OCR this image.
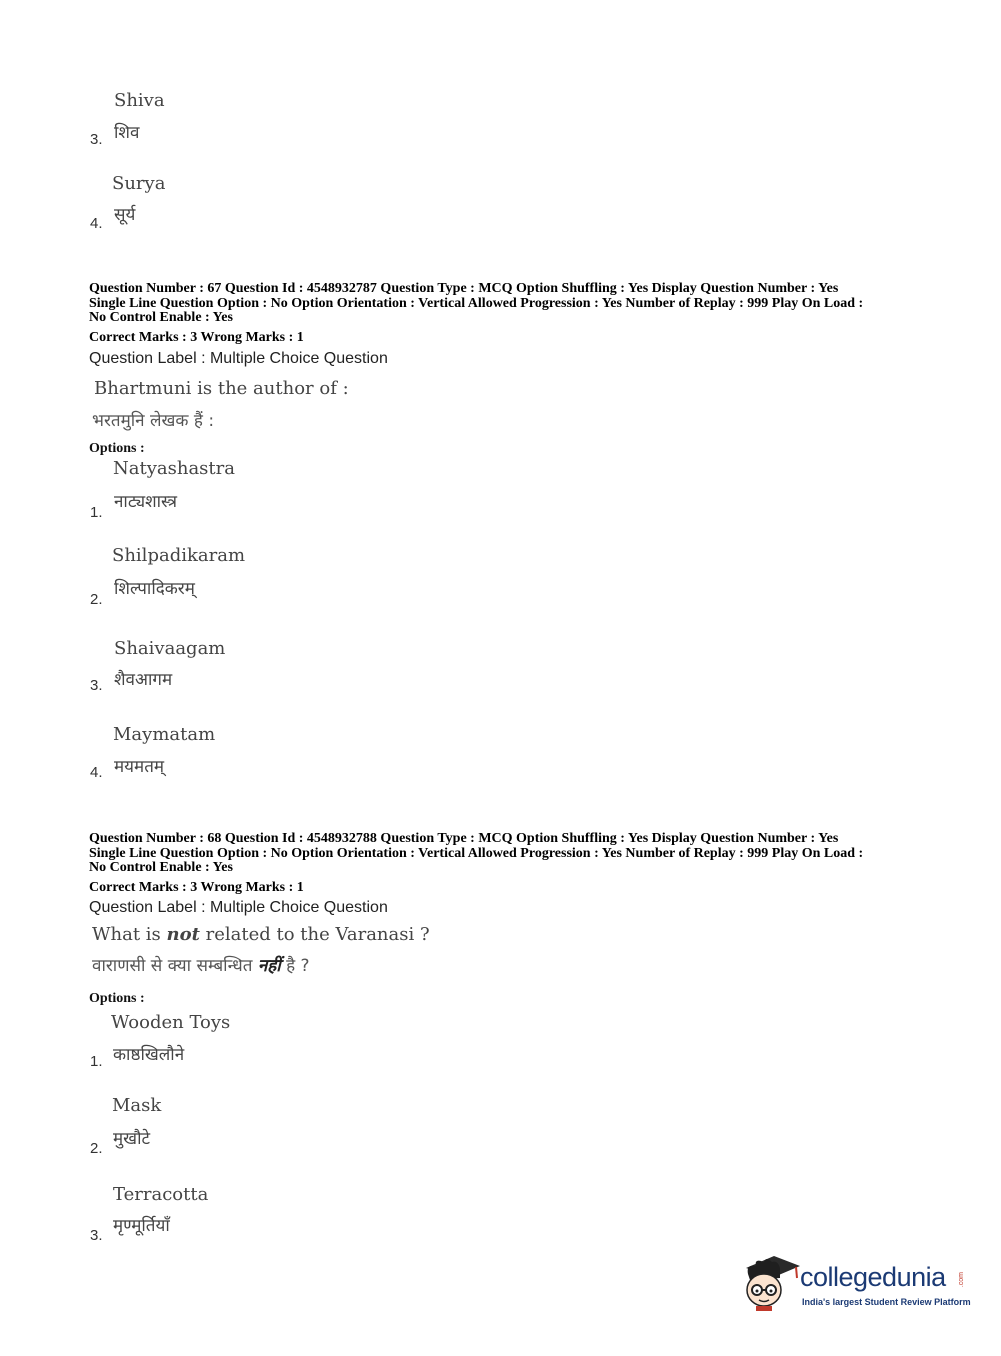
Shiva
शिव
3.
Surya
सूर्य
4.
Question Number : 67 Question Id : 4548932787 Question Type : MCQ Option Shuffling : Yes Display Question Number : Yes
Single Line Question Option : No Option Orientation : Vertical Allowed Progression : Yes Number of Replay : 999 Play On Load :
No Control Enable : Yes
Correct Marks : 3 Wrong Marks : 1
Question Label : Multiple Choice Question
Bhartmuni is the author of :
भरतमुनि लेखक हैं :
Options :
Natyashastra
नाट्यशास्त्र
1.
Shilpadikaram
शिल्पादिकरम्
2.
Shaivaagam
शैवआगम
3.
Maymatam
मयमतम्
4.
Question Number : 68 Question Id : 4548932788 Question Type : MCQ Option Shuffling : Yes Display Question Number : Yes
Single Line Question Option : No Option Orientation : Vertical Allowed Progression : Yes Number of Replay : 999 Play On Load :
No Control Enable : Yes
Correct Marks : 3 Wrong Marks : 1
Question Label : Multiple Choice Question
What is not related to the Varanasi ?
वाराणसी से क्या सम्बन्धित नहीं है ?
Options :
Wooden Toys
काष्ठखिलौने
1.
Mask
मुखौटे
2.
Terracotta
मृण्मूर्तियाँ
3.
collegedunia .com
India's largest Student Review Platform
